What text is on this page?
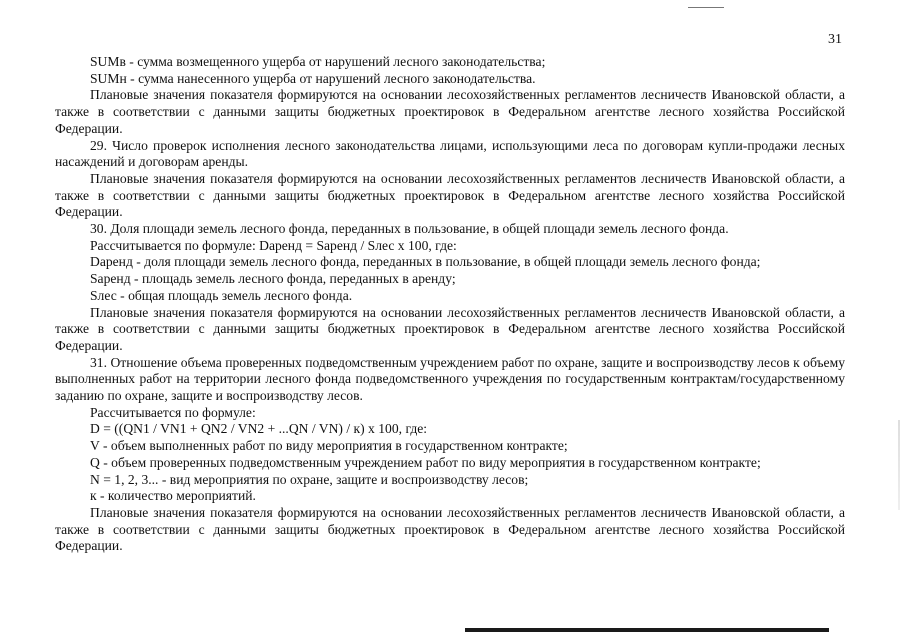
31

SUMв - сумма возмещенного ущерба от нарушений лесного законодательства;

SUMн - сумма нанесенного ущерба от нарушений лесного законодательства.

Плановые значения показателя формируются на основании лесохозяйственных регламентов лесничеств Ивановской области, а также в соответствии с данными защиты бюджетных проектировок в Федеральном агентстве лесного хозяйства Российской Федерации.

29. Число проверок исполнения лесного законодательства лицами, использующими леса по договорам купли-продажи лесных насаждений и договорам аренды.

Плановые значения показателя формируются на основании лесохозяйственных регламентов лесничеств Ивановской области, а также в соответствии с данными защиты бюджетных проектировок в Федеральном агентстве лесного хозяйства Российской Федерации.

30. Доля площади земель лесного фонда, переданных в пользование, в общей площади земель лесного фонда.

Рассчитывается по формуле: Dаренд = Sаренд / Sлес х 100, где:

Dаренд - доля площади земель лесного фонда, переданных в пользование, в общей площади земель лесного фонда;

Sаренд - площадь земель лесного фонда, переданных в аренду;

Sлес - общая площадь земель лесного фонда.

Плановые значения показателя формируются на основании лесохозяйственных регламентов лесничеств Ивановской области, а также в соответствии с данными защиты бюджетных проектировок в Федеральном агентстве лесного хозяйства Российской Федерации.

31. Отношение объема проверенных подведомственным учреждением работ по охране, защите и воспроизводству лесов к объему выполненных работ на территории лесного фонда подведомственного учреждения по государственным контрактам/государственному заданию по охране, защите и воспроизводству лесов.

Рассчитывается по формуле:

D = ((QN1 / VN1 + QN2 / VN2 + ...QN / VN) / к) х 100, где:

V - объем выполненных работ по виду мероприятия в государственном контракте;

Q - объем проверенных подведомственным учреждением работ по виду мероприятия в государственном контракте;

N = 1, 2, 3... - вид мероприятия по охране, защите и воспроизводству лесов;

к - количество мероприятий.

Плановые значения показателя формируются на основании лесохозяйственных регламентов лесничеств Ивановской области, а также в соответствии с данными защиты бюджетных проектировок в Федеральном агентстве лесного хозяйства Российской Федерации.
